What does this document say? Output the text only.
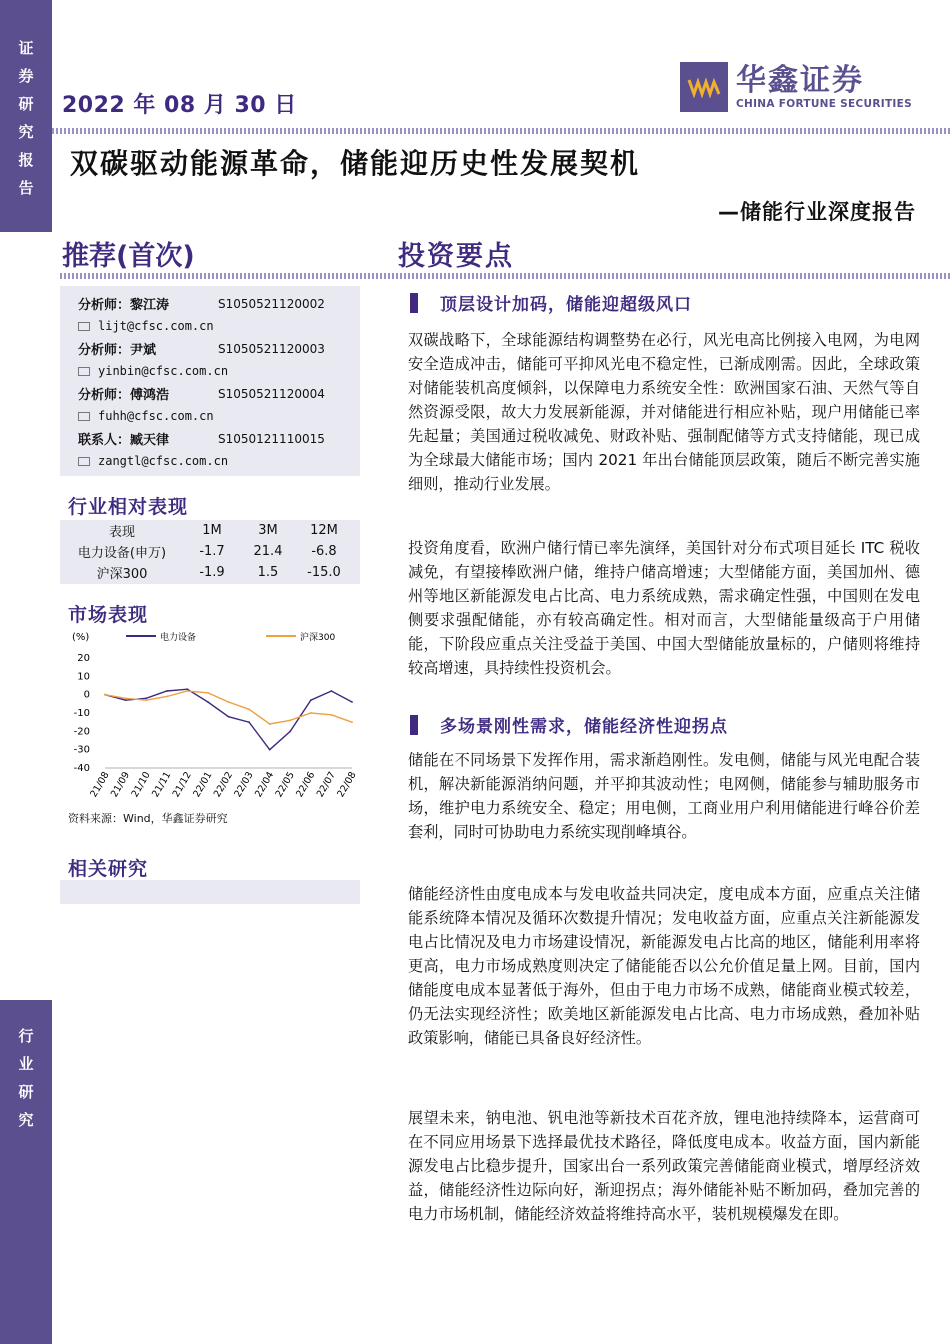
证
券
研
究
报
告
行
业
研
究
2022 年 08 月 30 日
华鑫证券
CHINA FORTUNE SECURITIES
双碳驱动能源革命，储能迎历史性发展契机
—储能行业深度报告
推荐(首次)	投资要点
分析师：黎江涛	S1050521120002
lijt@cfsc.com.cn
分析师：尹斌	S1050521120003
yinbin@cfsc.com.cn
分析师：傅鸿浩	S1050521120004
fuhh@cfsc.com.cn
联系人：臧天律	S1050121110015
zangtl@cfsc.com.cn
行业相对表现
表现	1M	3M	12M
电力设备(申万)	-1.7	21.4	-6.8
沪深300	-1.9	1.5	-15.0
市场表现
(%)	电力设备	沪深300
20
10
0
-10
-20
-30
-40
21/08
21/09
21/10
21/11
21/12
22/01
22/02
22/03
22/04
22/05
22/06
22/07
22/08
资料来源：Wind，华鑫证券研究
相关研究
顶层设计加码，储能迎超级风口
双碳战略下，全球能源结构调整势在必行，风光电高比例接入电网，为电网安全造成冲击，储能可平抑风光电不稳定性，已渐成刚需。因此，全球政策对储能装机高度倾斜，以保障电力系统安全性：欧洲国家石油、天然气等自然资源受限，故大力发展新能源，并对储能进行相应补贴，现户用储能已率先起量；美国通过税收减免、财政补贴、强制配储等方式支持储能，现已成为全球最大储能市场；国内 2021 年出台储能顶层政策，随后不断完善实施细则，推动行业发展。
投资角度看，欧洲户储行情已率先演绎，美国针对分布式项目延长 ITC 税收减免，有望接棒欧洲户储，维持户储高增速；大型储能方面，美国加州、德州等地区新能源发电占比高、电力系统成熟，需求确定性强，中国则在发电侧要求强配储能，亦有较高确定性。相对而言，大型储能量级高于户用储能，下阶段应重点关注受益于美国、中国大型储能放量标的，户储则将维持较高增速，具持续性投资机会。
多场景刚性需求，储能经济性迎拐点
储能在不同场景下发挥作用，需求渐趋刚性。发电侧，储能与风光电配合装机，解决新能源消纳问题，并平抑其波动性；电网侧，储能参与辅助服务市场，维护电力系统安全、稳定；用电侧，工商业用户利用储能进行峰谷价差套利，同时可协助电力系统实现削峰填谷。
储能经济性由度电成本与发电收益共同决定，度电成本方面，应重点关注储能系统降本情况及循环次数提升情况；发电收益方面，应重点关注新能源发电占比情况及电力市场建设情况，新能源发电占比高的地区，储能利用率将更高，电力市场成熟度则决定了储能能否以公允价值足量上网。目前，国内储能度电成本显著低于海外，但由于电力市场不成熟，储能商业模式较差，仍无法实现经济性；欧美地区新能源发电占比高、电力市场成熟，叠加补贴政策影响，储能已具备良好经济性。
展望未来，钠电池、钒电池等新技术百花齐放，锂电池持续降本，运营商可在不同应用场景下选择最优技术路径，降低度电成本。收益方面，国内新能源发电占比稳步提升，国家出台一系列政策完善储能商业模式，增厚经济效益，储能经济性边际向好，渐迎拐点；海外储能补贴不断加码，叠加完善的电力市场机制，储能经济效益将维持高水平，装机规模爆发在即。
